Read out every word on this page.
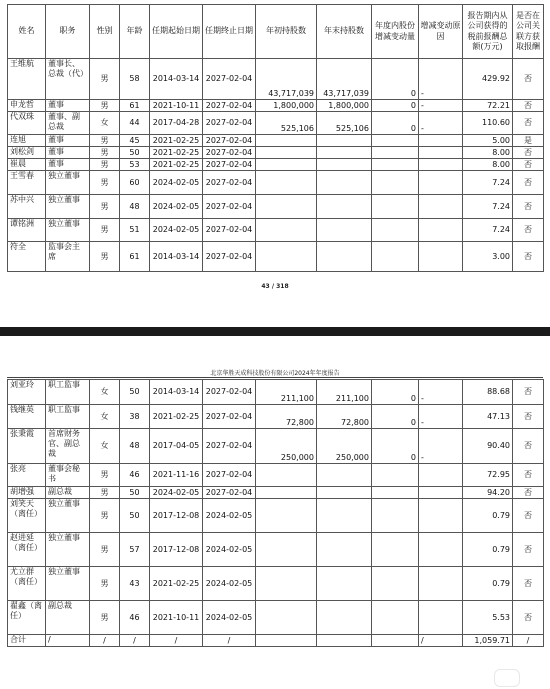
姓名	职务	性别	年龄	任期起始日期	任期终止日期	年初持股数	年末持股数	年度内股份增减变动量	增减变动原因	报告期内从公司获得的税前报酬总额(万元)	是否在公司关联方获取报酬
王维航	董事长、总裁（代）	男	58	2014-03-14	2027-02-04	43,717,039	43,717,039	0	-	429.92	否
申龙哲	董事	男	61	2021-10-11	2027-02-04	1,800,000	1,800,000	0	-	72.21	否
代双珠	董事、副总裁	女	44	2017-04-28	2027-02-04	525,106	525,106	0	-	110.60	否
连旭	董事	男	45	2021-02-25	2027-02-04					5.00	是
刘松剑	董事	男	50	2021-02-25	2027-02-04					8.00	否
崔晨	董事	男	53	2021-02-25	2027-02-04					8.00	否
王雪春	独立董事	男	60	2024-02-05	2027-02-04					7.24	否
苏中兴	独立董事	男	48	2024-02-05	2027-02-04					7.24	否
谭铭洲	独立董事	男	51	2024-02-05	2027-02-04					7.24	否
符全	监事会主席	男	61	2014-03-14	2027-02-04					3.00	否
43 / 318
北京华胜天成科技股份有限公司2024年年度报告
刘亚玲	职工监事	女	50	2014-03-14	2027-02-04	211,100	211,100	0	-	88.68	否
钱继英	职工监事	女	38	2021-02-25	2027-02-04	72,800	72,800	0	-	47.13	否
张秉霞	首席财务官、副总裁	女	48	2017-04-05	2027-02-04	250,000	250,000	0	-	90.40	否
张亮	董事会秘书	男	46	2021-11-16	2027-02-04					72.95	否
胡增强	副总裁	男	50	2024-02-05	2027-02-04					94.20	否
刘笑天（离任）	独立董事	男	50	2017-12-08	2024-02-05					0.79	否
赵进延（离任）	独立董事	男	57	2017-12-08	2024-02-05					0.79	否
尤立群（离任）	独立董事	男	43	2021-02-25	2024-02-05					0.79	否
翟鑫（离任）	副总裁	男	46	2021-10-11	2024-02-05					5.53	否
合计	/	/	/	/	/				/	1,059.71	/
